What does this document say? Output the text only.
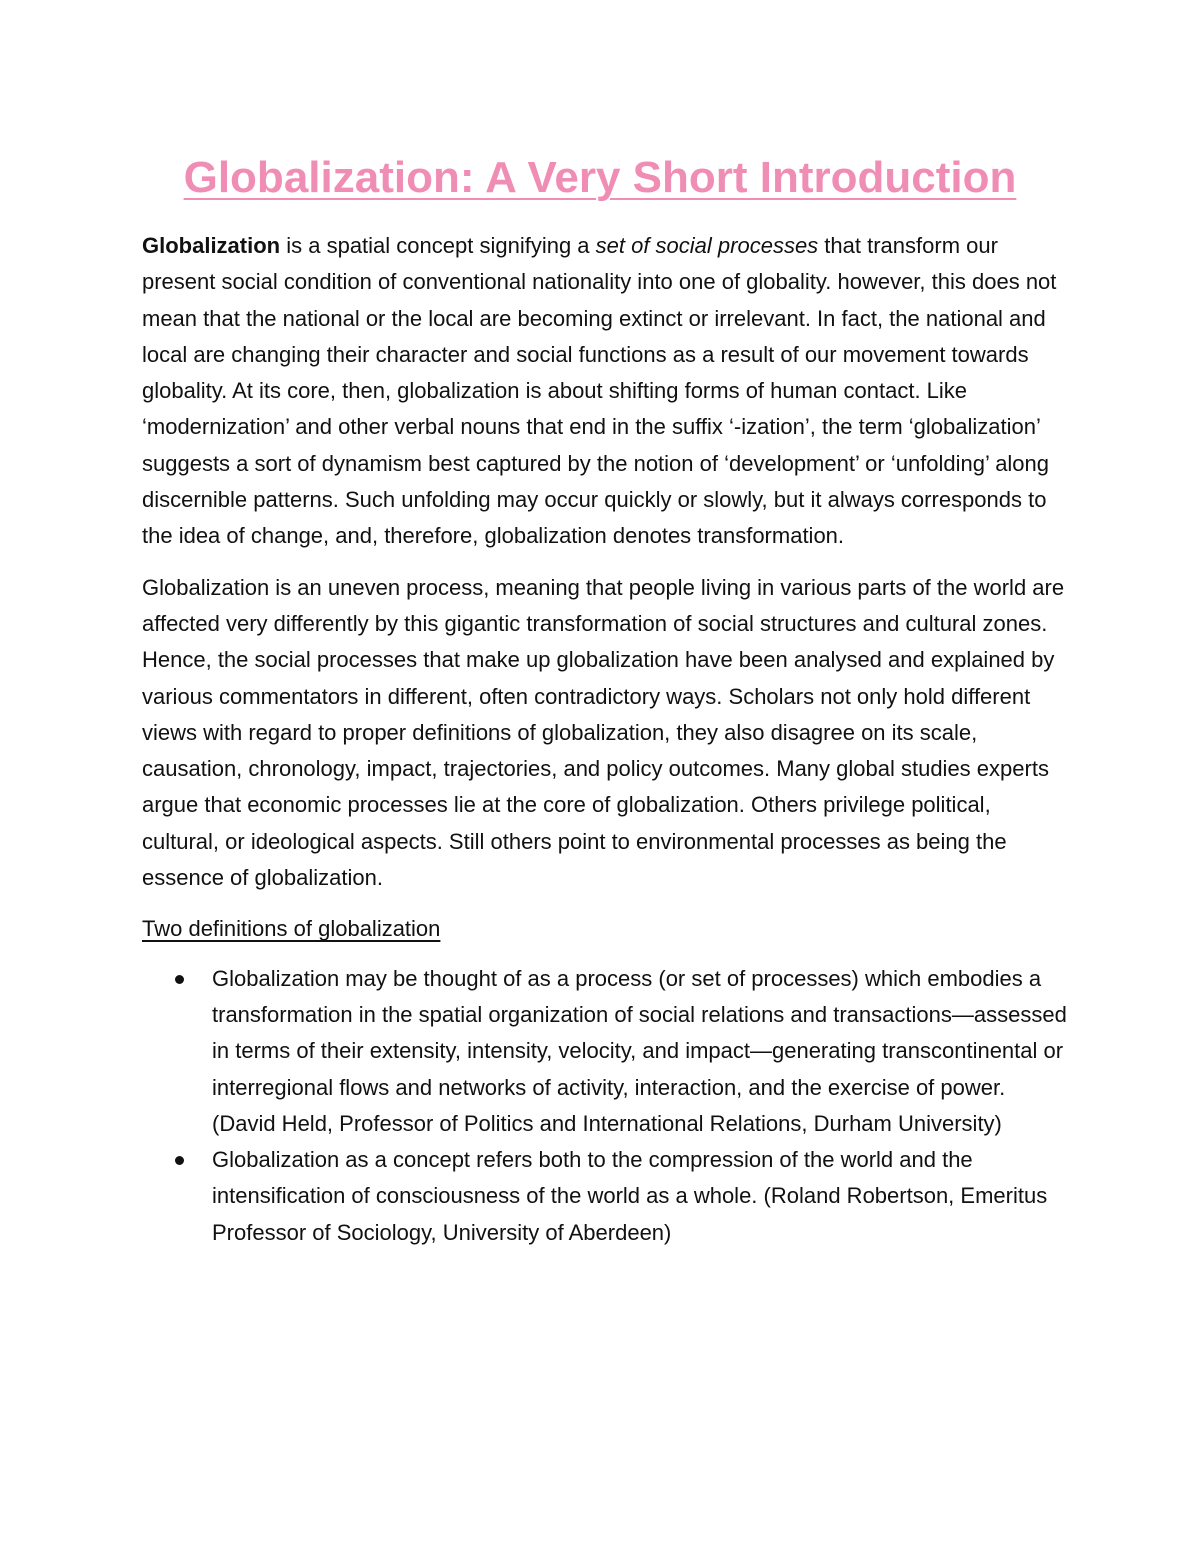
Globalization: A Very Short Introduction

Globalization is a spatial concept signifying a set of social processes that transform our present social condition of conventional nationality into one of globality. however, this does not mean that the national or the local are becoming extinct or irrelevant. In fact, the national and local are changing their character and social functions as a result of our movement towards globality. At its core, then, globalization is about shifting forms of human contact. Like ‘modernization’ and other verbal nouns that end in the suffix ‘-ization’, the term ‘globalization’ suggests a sort of dynamism best captured by the notion of ‘development’ or ‘unfolding’ along discernible patterns. Such unfolding may occur quickly or slowly, but it always corresponds to the idea of change, and, therefore, globalization denotes transformation.

Globalization is an uneven process, meaning that people living in various parts of the world are affected very differently by this gigantic transformation of social structures and cultural zones. Hence, the social processes that make up globalization have been analysed and explained by various commentators in different, often contradictory ways. Scholars not only hold different views with regard to proper definitions of globalization, they also disagree on its scale, causation, chronology, impact, trajectories, and policy outcomes. Many global studies experts argue that economic processes lie at the core of globalization. Others privilege political, cultural, or ideological aspects. Still others point to environmental processes as being the essence of globalization.

Two definitions of globalization

Globalization may be thought of as a process (or set of processes) which embodies a transformation in the spatial organization of social relations and transactions—assessed in terms of their extensity, intensity, velocity, and impact—generating transcontinental or interregional flows and networks of activity, interaction, and the exercise of power. (David Held, Professor of Politics and International Relations, Durham University)
Globalization as a concept refers both to the compression of the world and the intensification of consciousness of the world as a whole. (Roland Robertson, Emeritus Professor of Sociology, University of Aberdeen)
